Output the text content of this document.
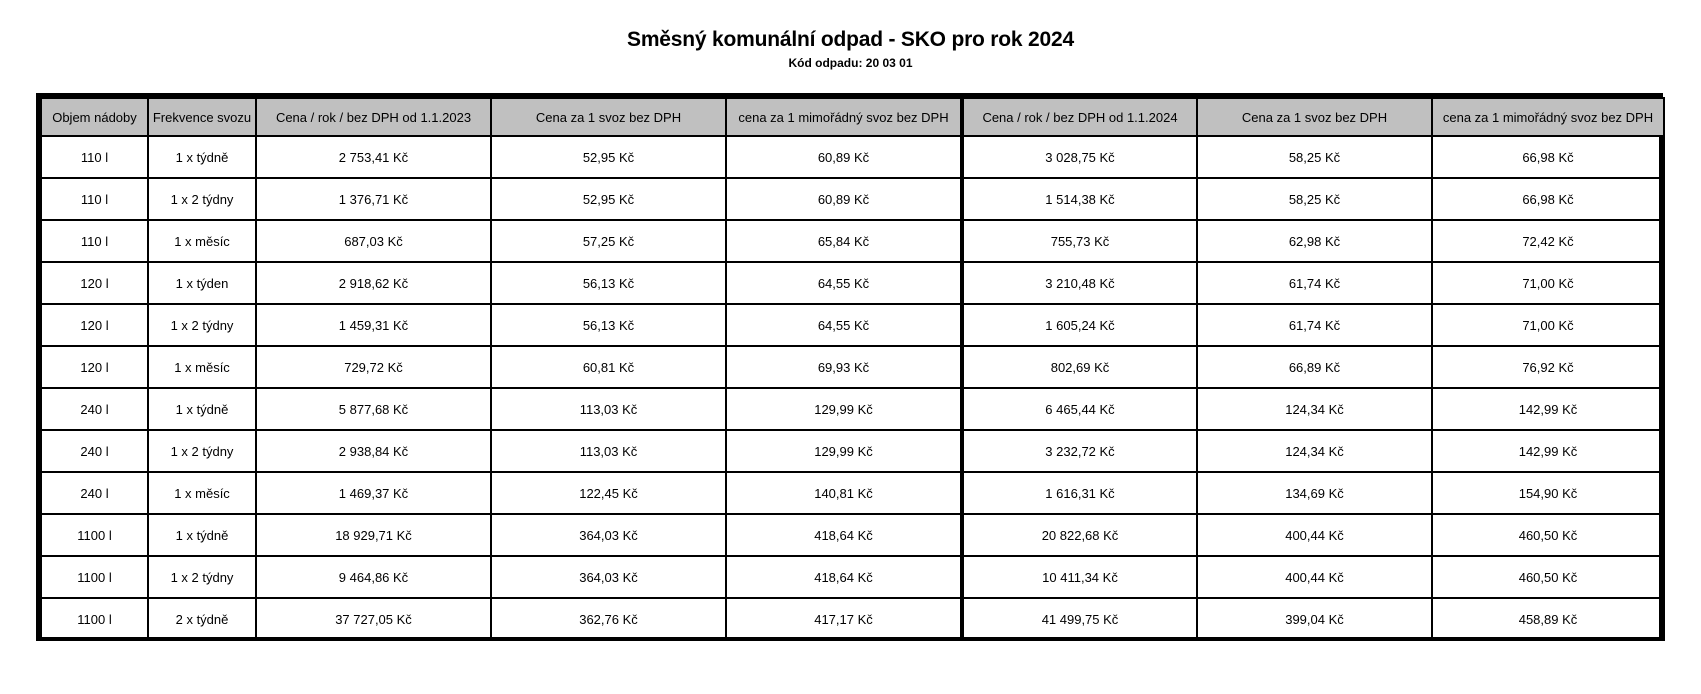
Směsný komunální odpad - SKO pro rok 2024
Kód odpadu: 20 03 01
Objem nádoby	Frekvence svozu	Cena / rok / bez DPH od 1.1.2023	Cena za 1 svoz bez DPH	cena za 1 mimořádný svoz bez DPH	Cena / rok / bez DPH od 1.1.2024	Cena za 1 svoz bez DPH	cena za 1 mimořádný svoz bez DPH
110 l	1 x týdně	2 753,41 Kč	52,95 Kč	60,89 Kč	3 028,75 Kč	58,25 Kč	66,98 Kč
110 l	1 x 2 týdny	1 376,71 Kč	52,95 Kč	60,89 Kč	1 514,38 Kč	58,25 Kč	66,98 Kč
110 l	1 x měsíc	687,03 Kč	57,25 Kč	65,84 Kč	755,73 Kč	62,98 Kč	72,42 Kč
120 l	1 x týden	2 918,62 Kč	56,13 Kč	64,55 Kč	3 210,48 Kč	61,74 Kč	71,00 Kč
120 l	1 x 2 týdny	1 459,31 Kč	56,13 Kč	64,55 Kč	1 605,24 Kč	61,74 Kč	71,00 Kč
120 l	1 x měsíc	729,72 Kč	60,81 Kč	69,93 Kč	802,69 Kč	66,89 Kč	76,92 Kč
240 l	1 x týdně	5 877,68 Kč	113,03 Kč	129,99 Kč	6 465,44 Kč	124,34 Kč	142,99 Kč
240 l	1 x 2 týdny	2 938,84 Kč	113,03 Kč	129,99 Kč	3 232,72 Kč	124,34 Kč	142,99 Kč
240 l	1 x měsíc	1 469,37 Kč	122,45 Kč	140,81 Kč	1 616,31 Kč	134,69 Kč	154,90 Kč
1100 l	1 x týdně	18 929,71 Kč	364,03 Kč	418,64 Kč	20 822,68 Kč	400,44 Kč	460,50 Kč
1100 l	1 x 2 týdny	9 464,86 Kč	364,03 Kč	418,64 Kč	10 411,34 Kč	400,44 Kč	460,50 Kč
1100 l	2 x týdně	37 727,05 Kč	362,76 Kč	417,17 Kč	41 499,75 Kč	399,04 Kč	458,89 Kč
